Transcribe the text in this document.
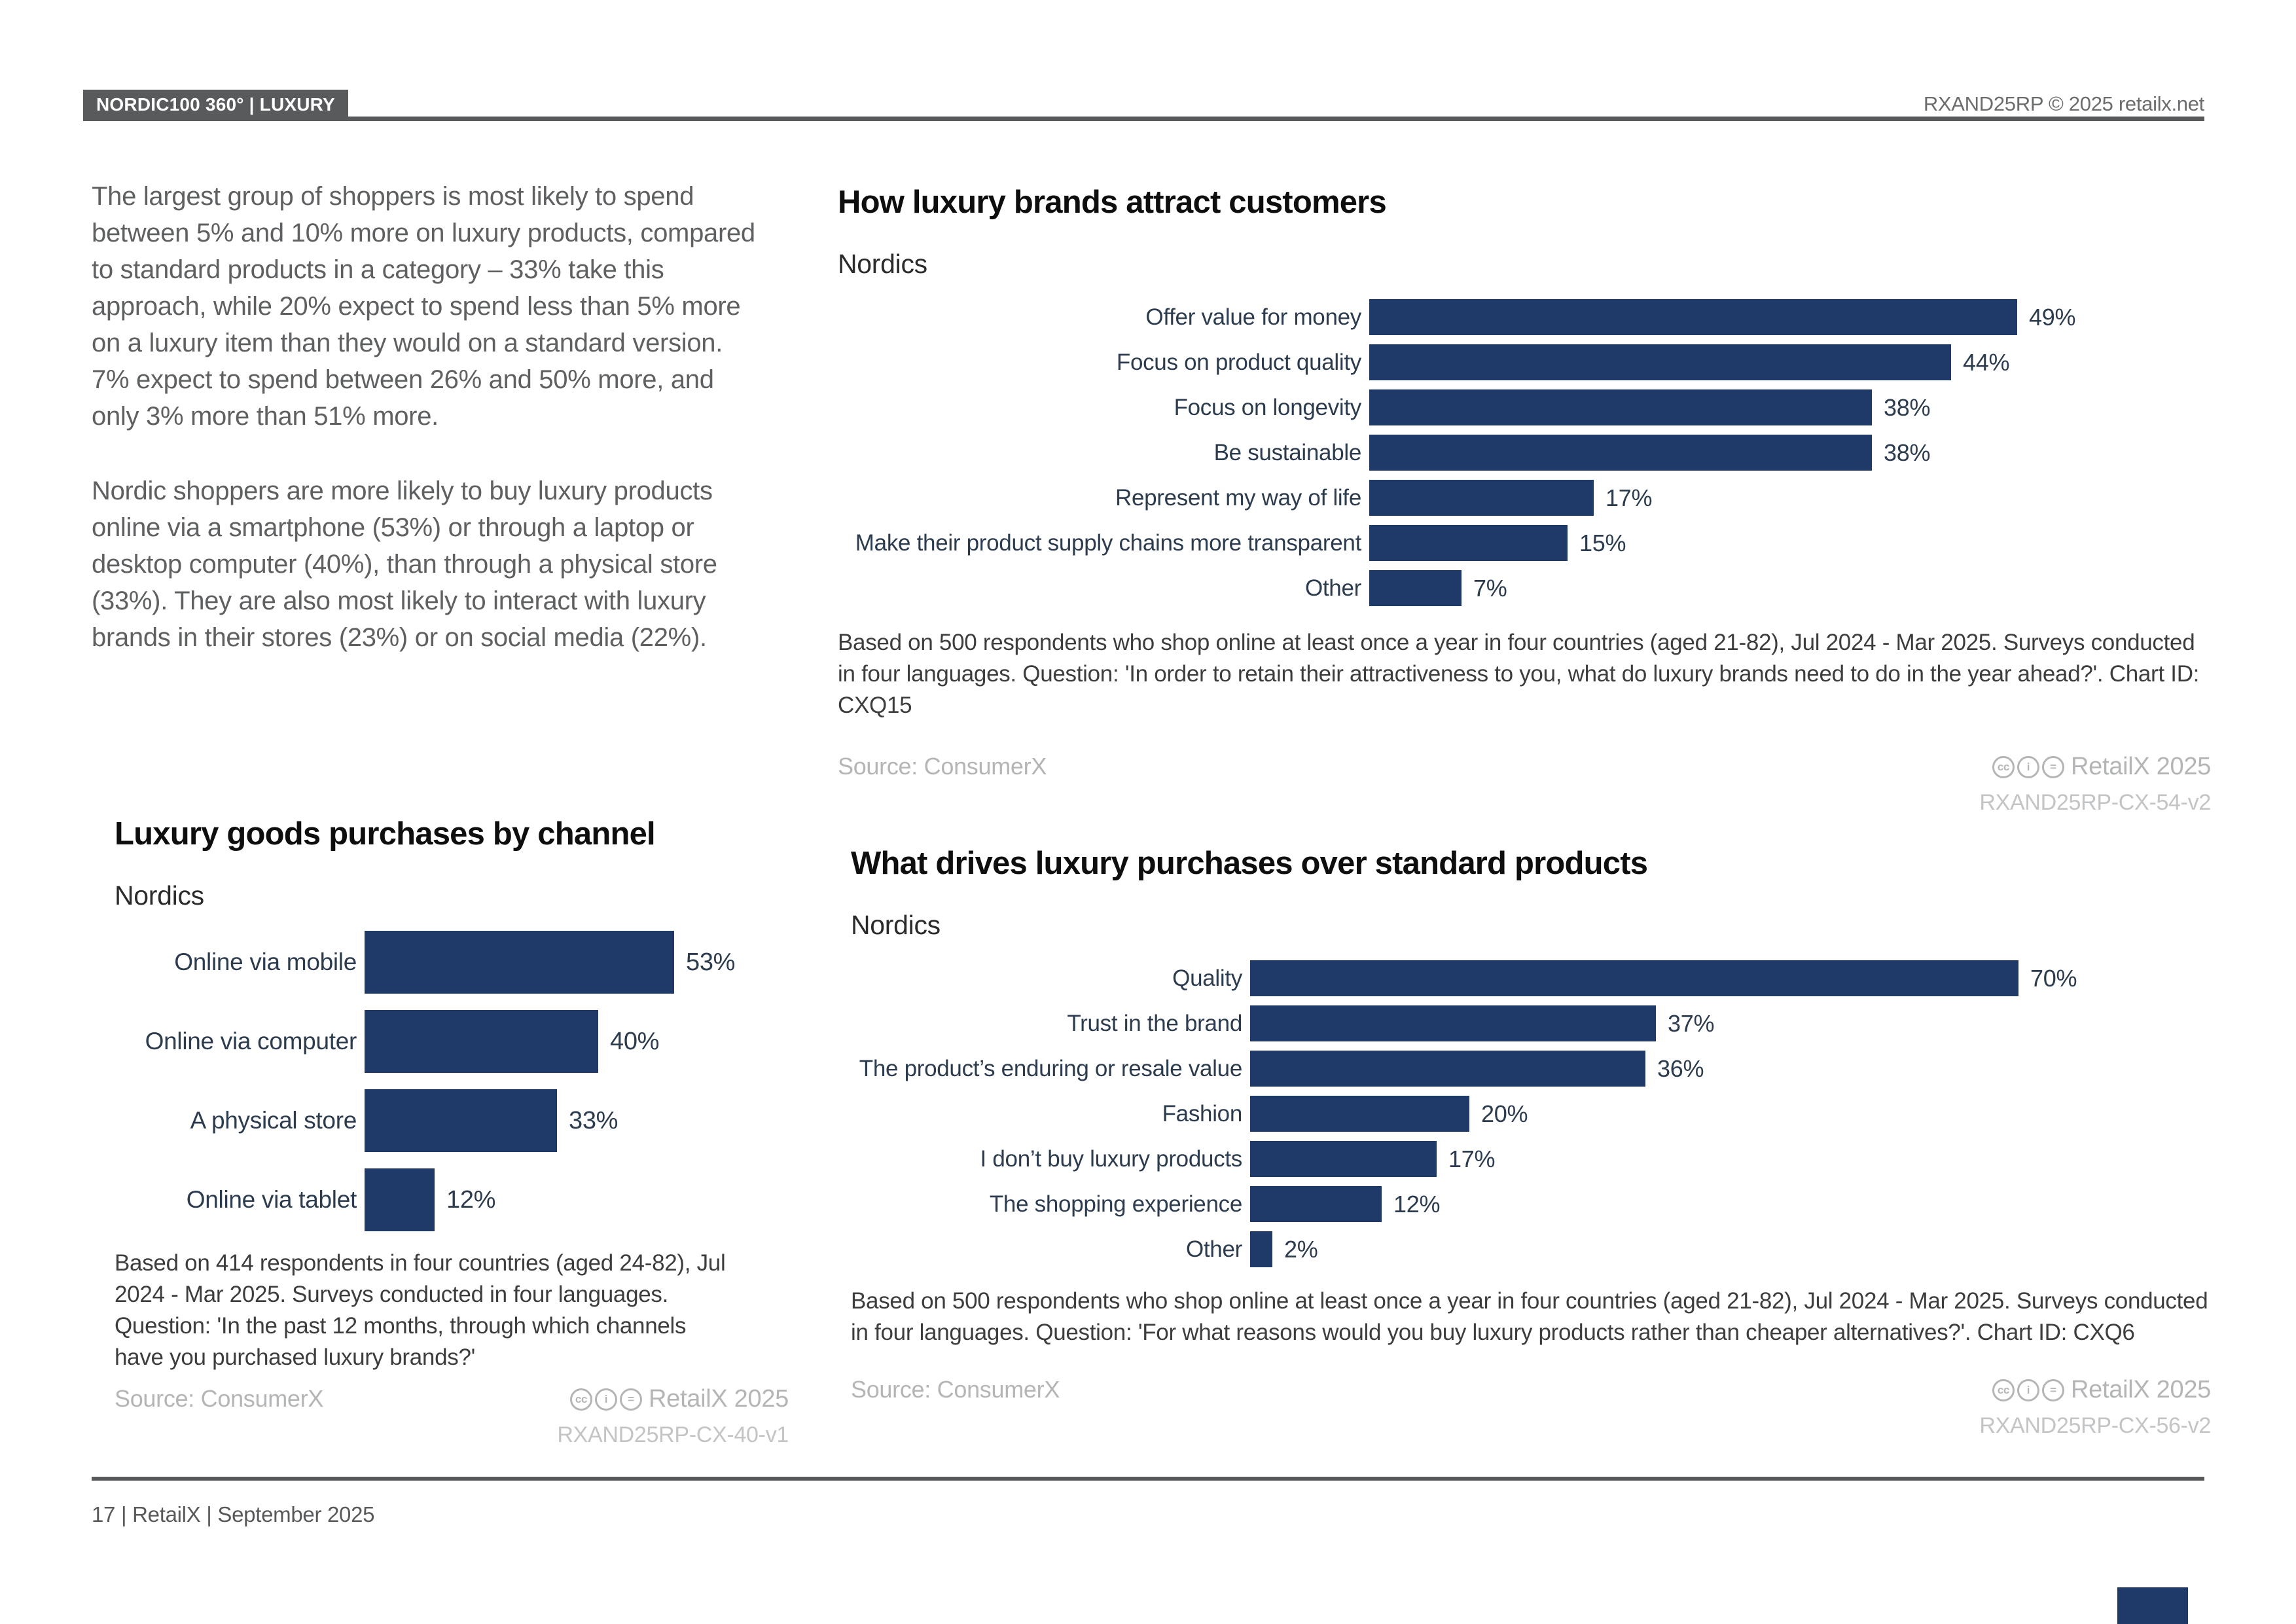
NORDIC100 360° | LUXURY	RXAND25RP © 2025 retailx.net

The largest group of shoppers is most likely to spend between 5% and 10% more on luxury products, compared to standard products in a category – 33% take this approach, while 20% expect to spend less than 5% more on a luxury item than they would on a standard version. 7% expect to spend between 26% and 50% more, and only 3% more than 51% more.

Nordic shoppers are more likely to buy luxury products online via a smartphone (53%) or through a laptop or desktop computer (40%), than through a physical store (33%). They are also most likely to interact with luxury brands in their stores (23%) or on social media (22%).

How luxury brands attract customers
Nordics
Offer value for money	49%
Focus on product quality	44%
Focus on longevity	38%
Be sustainable	38%
Represent my way of life	17%
Make their product supply chains more transparent	15%
Other	7%

Based on 500 respondents who shop online at least once a year in four countries (aged 21-82), Jul 2024 - Mar 2025. Surveys conducted in four languages. Question: 'In order to retain their attractiveness to you, what do luxury brands need to do in the year ahead?'. Chart ID: CXQ15

Source: ConsumerX	cc	i	= RetailX 2025
RXAND25RP-CX-54-v2
Luxury goods purchases by channel
Nordics
Online via mobile	53%
Online via computer	40%
A physical store	33%
Online via tablet	12%

Based on 414 respondents in four countries (aged 24-82), Jul 2024 - Mar 2025. Surveys conducted in four languages. Question: 'In the past 12 months, through which channels have you purchased luxury brands?'

Source: ConsumerX	cc	i	= RetailX 2025
RXAND25RP-CX-40-v1
What drives luxury purchases over standard products
Nordics
Quality	70%
Trust in the brand	37%
The product’s enduring or resale value	36%
Fashion	20%
I don’t buy luxury products	17%
The shopping experience	12%
Other	2%

Based on 500 respondents who shop online at least once a year in four countries (aged 21-82), Jul 2024 - Mar 2025. Surveys conducted in four languages. Question: 'For what reasons would you buy luxury products rather than cheaper alternatives?'. Chart ID: CXQ6

Source: ConsumerX	cc	i	= RetailX 2025
RXAND25RP-CX-56-v2
17 | RetailX | September 2025
